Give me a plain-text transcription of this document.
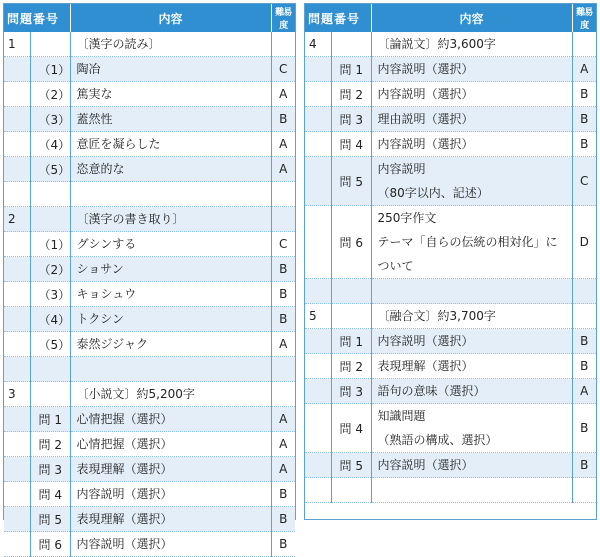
問題番号		内容	難易度
1		〔漢字の読み〕	

	（1）	陶冶	C
	（2）	篤実な	A
	（3）	蓋然性	B
	（4）	意匠を凝らした	A
	（5）	恣意的な	A

2		〔漢字の書き取り〕	

	（1）	グシンする	C
	（2）	ショサン	B
	（3）	キョシュウ	B
	（4）	トクシン	B
	（5）	泰然ジジャク	A

3		〔小説文〕約5,200字	

	問 1	心情把握（選択）	A
	問 2	心情把握（選択）	A
	問 3	表現理解（選択）	A
	問 4	内容説明（選択）	B
	問 5	表現理解（選択）	B
	問 6	内容説明（選択）	B
問題番号		内容	難易度
4		〔論説文〕約3,600字	

	問 1	内容説明（選択）	A
	問 2	内容説明（選択）	B
	問 3	理由説明（選択）	B
	問 4	内容説明（選択）	B
	問 5	内容説明
（80字以内、記述）	C
	問 6	250字作文
テーマ「自らの伝統の相対化」に
ついて	D

5		〔融合文〕約3,700字	

	問 1	内容説明（選択）	B
	問 2	表現理解（選択）	B
	問 3	語句の意味（選択）	A
	問 4	知識問題
（熟語の構成、選択）	B
	問 5	内容説明（選択）	B
